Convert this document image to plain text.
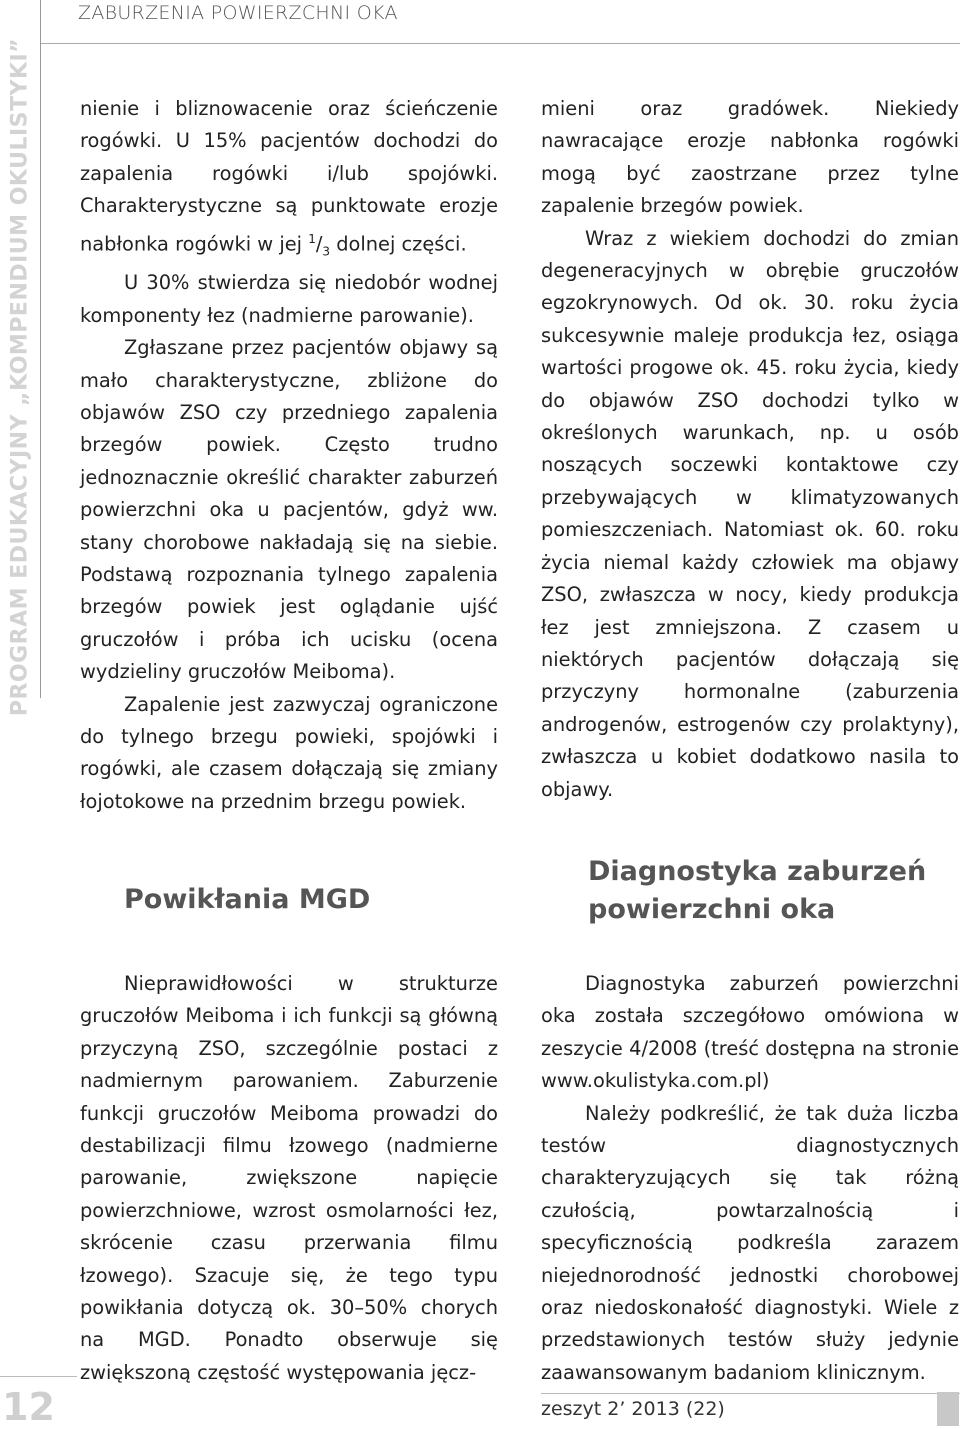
ZABURZENIA POWIERZCHNI OKA
PROGRAM EDUKACYJNY „KOMPENDIUM OKULISTYKI” nienie i bliznowacenie oraz ścieńczenie rogówki. U 15% pacjentów dochodzi do zapalenia rogówki i/lub spojówki. Charakterystyczne są punktowate erozje nabłonka rogówki w jej $^1/_3$ dolnej części.

U 30% stwierdza się niedobór wodnej komponenty łez (nadmierne parowanie).

Zgłaszane przez pacjentów objawy są mało charakterystyczne, zbliżone do objawów ZSO czy przedniego zapalenia brzegów powiek. Często trudno jednoznacznie określić charakter zaburzeń powierzchni oka u pacjentów, gdyż ww. stany chorobowe nakładają się na siebie. Podstawą rozpoznania tylnego zapalenia brzegów powiek jest oglądanie ujść gruczołów i próba ich ucisku (ocena wydzieliny gruczołów Meiboma).

Zapalenie jest zazwyczaj ograniczone do tylnego brzegu powieki, spojówki i rogówki, ale czasem dołączają się zmiany łojotokowe na przednim brzegu powiek.

mieni oraz gradówek. Niekiedy nawracające erozje nabłonka rogówki mogą być zaostrzane przez tylne zapalenie brzegów powiek.

Wraz z wiekiem dochodzi do zmian degeneracyjnych w obrębie gruczołów egzokrynowych. Od ok. 30. roku życia sukcesywnie maleje produkcja łez, osiąga wartości progowe ok. 45. roku życia, kiedy do objawów ZSO dochodzi tylko w określonych warunkach, np. u osób noszących soczewki kontaktowe czy przebywających w klimatyzowanych pomieszczeniach. Natomiast ok. 60. roku życia niemal każdy człowiek ma objawy ZSO, zwłaszcza w nocy, kiedy produkcja łez jest zmniejszona. Z czasem u niektórych pacjentów dołączają się przyczyny hormonalne (zaburzenia androgenów, estrogenów czy prolaktyny), zwłaszcza u kobiet dodatkowo nasila to objawy.

Powikłania MGD
Diagnostyka zaburzeń powierzchni oka

Nieprawidłowości w strukturze gruczołów Meiboma i ich funkcji są główną przyczyną ZSO, szczególnie postaci z nadmiernym parowaniem. Zaburzenie funkcji gruczołów Meiboma prowadzi do destabilizacji filmu łzowego (nadmierne parowanie, zwiększone napięcie powierzchniowe, wzrost osmolarności łez, skrócenie czasu przerwania filmu łzowego). Szacuje się, że tego typu powikłania dotyczą ok. 30–50% chorych na MGD. Ponadto obserwuje się zwiększoną częstość występowania jęcz-

Diagnostyka zaburzeń powierzchni oka została szczegółowo omówiona w zeszycie 4/2008 (treść dostępna na stronie www.okulistyka.com.pl)

Należy podkreślić, że tak duża liczba testów diagnostycznych charakteryzujących się tak różną czułością, powtarzalnością i specyficznością podkreśla zarazem niejednorodność jednostki chorobowej oraz niedoskonałość diagnostyki. Wiele z przedstawionych testów służy jedynie zaawansowanym badaniom klinicznym.

12	zeszyt 2’ 2013 (22)
